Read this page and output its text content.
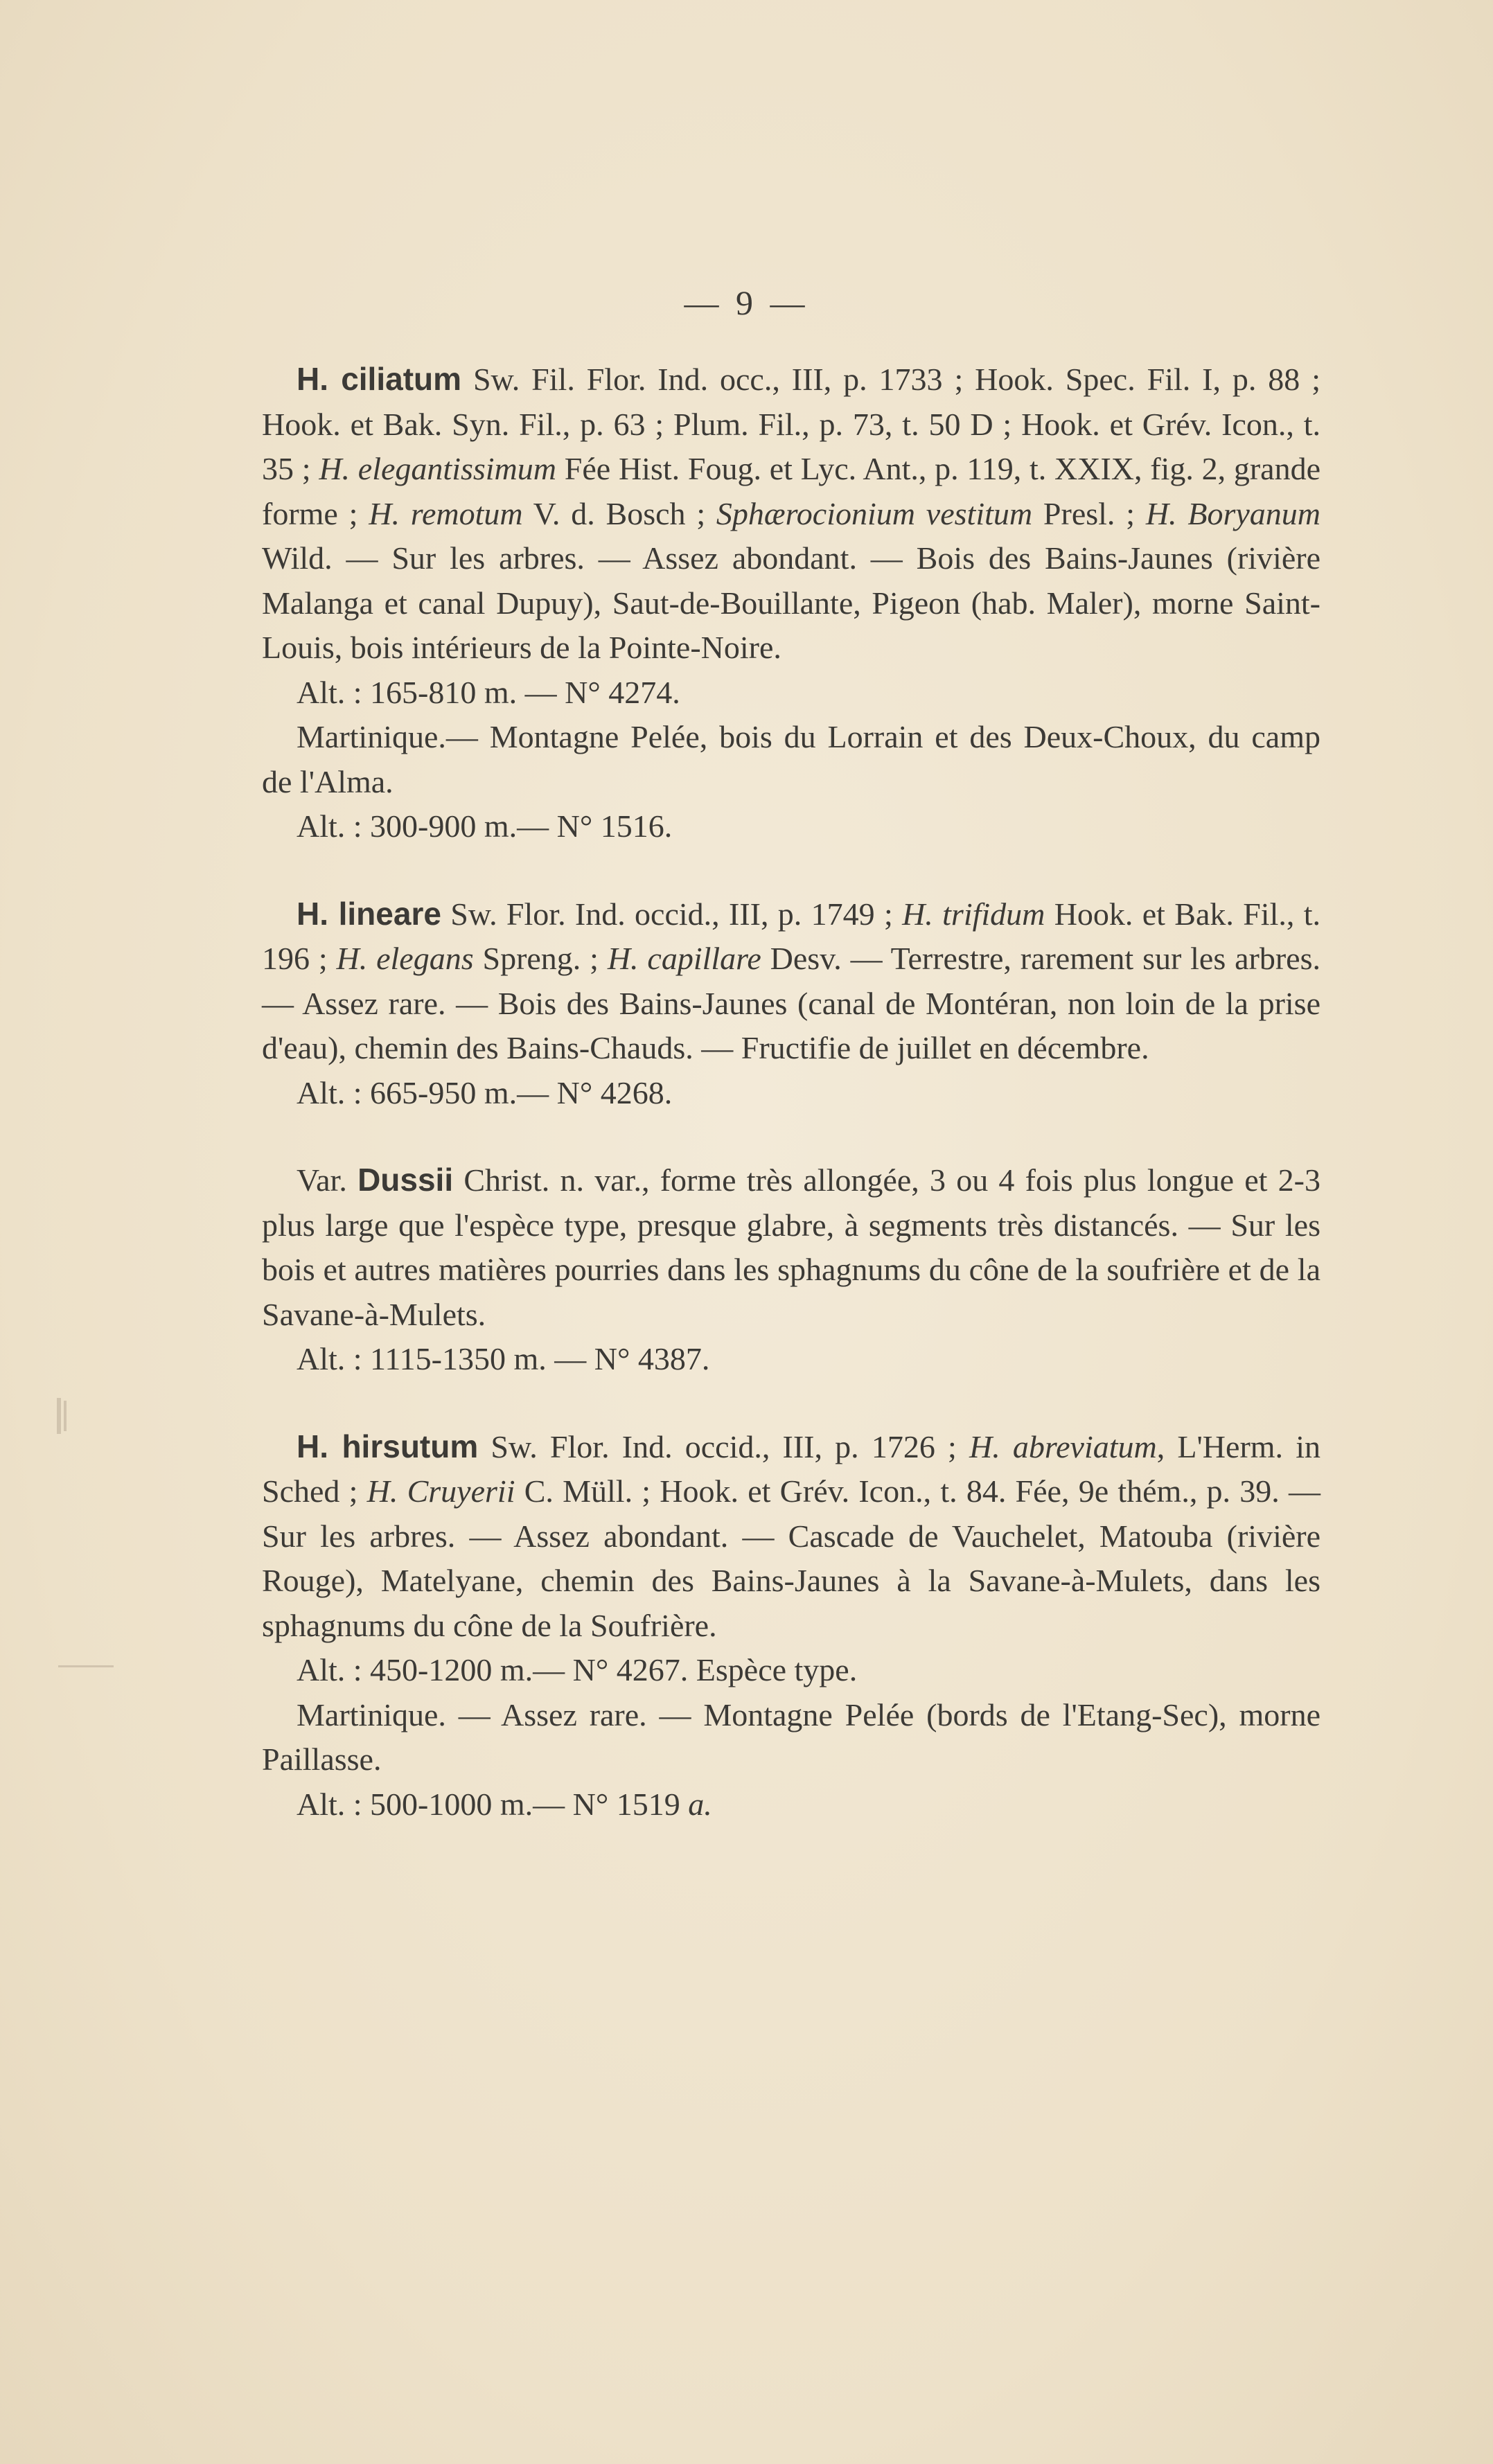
— 9 —

H. ciliatum Sw. Fil. Flor. Ind. occ., III, p. 1733 ; Hook. Spec. Fil. I, p. 88 ; Hook. et Bak. Syn. Fil., p. 63 ; Plum. Fil., p. 73, t. 50 D ; Hook. et Grév. Icon., t. 35 ; H. elegantissimum Fée Hist. Foug. et Lyc. Ant., p. 119, t. XXIX, fig. 2, grande forme ; H. remotum V. d. Bosch ; Sphærocionium vestitum Presl. ; H. Boryanum Wild. — Sur les arbres. — Assez abondant. — Bois des Bains-Jaunes (rivière Malanga et canal Dupuy), Saut-de-Bouillante, Pigeon (hab. Maler), morne Saint-Louis, bois intérieurs de la Pointe-Noire.

Alt. : 165-810 m. — N° 4274.

Martinique.— Montagne Pelée, bois du Lorrain et des Deux-Choux, du camp de l'Alma.

Alt. : 300-900 m.— N° 1516.

H. lineare Sw. Flor. Ind. occid., III, p. 1749 ; H. trifidum Hook. et Bak. Fil., t. 196 ; H. elegans Spreng. ; H. capillare Desv. — Terrestre, rarement sur les arbres. — Assez rare. — Bois des Bains-Jaunes (canal de Montéran, non loin de la prise d'eau), chemin des Bains-Chauds. — Fructifie de juillet en décembre.

Alt. : 665-950 m.— N° 4268.

Var. Dussii Christ. n. var., forme très allongée, 3 ou 4 fois plus longue et 2-3 plus large que l'espèce type, presque glabre, à segments très distancés. — Sur les bois et autres matières pourries dans les sphagnums du cône de la soufrière et de la Savane-à-Mulets.

Alt. : 1115-1350 m. — N° 4387.

H. hirsutum Sw. Flor. Ind. occid., III, p. 1726 ; H. abreviatum, L'Herm. in Sched ; H. Cruyerii C. Müll. ; Hook. et Grév. Icon., t. 84. Fée, 9e thém., p. 39. — Sur les arbres. — Assez abondant. — Cascade de Vauchelet, Matouba (rivière Rouge), Matelyane, chemin des Bains-Jaunes à la Savane-à-Mulets, dans les sphagnums du cône de la Soufrière.

Alt. : 450-1200 m.— N° 4267. Espèce type.

Martinique. — Assez rare. — Montagne Pelée (bords de l'Etang-Sec), morne Paillasse.

Alt. : 500-1000 m.— N° 1519 a.
